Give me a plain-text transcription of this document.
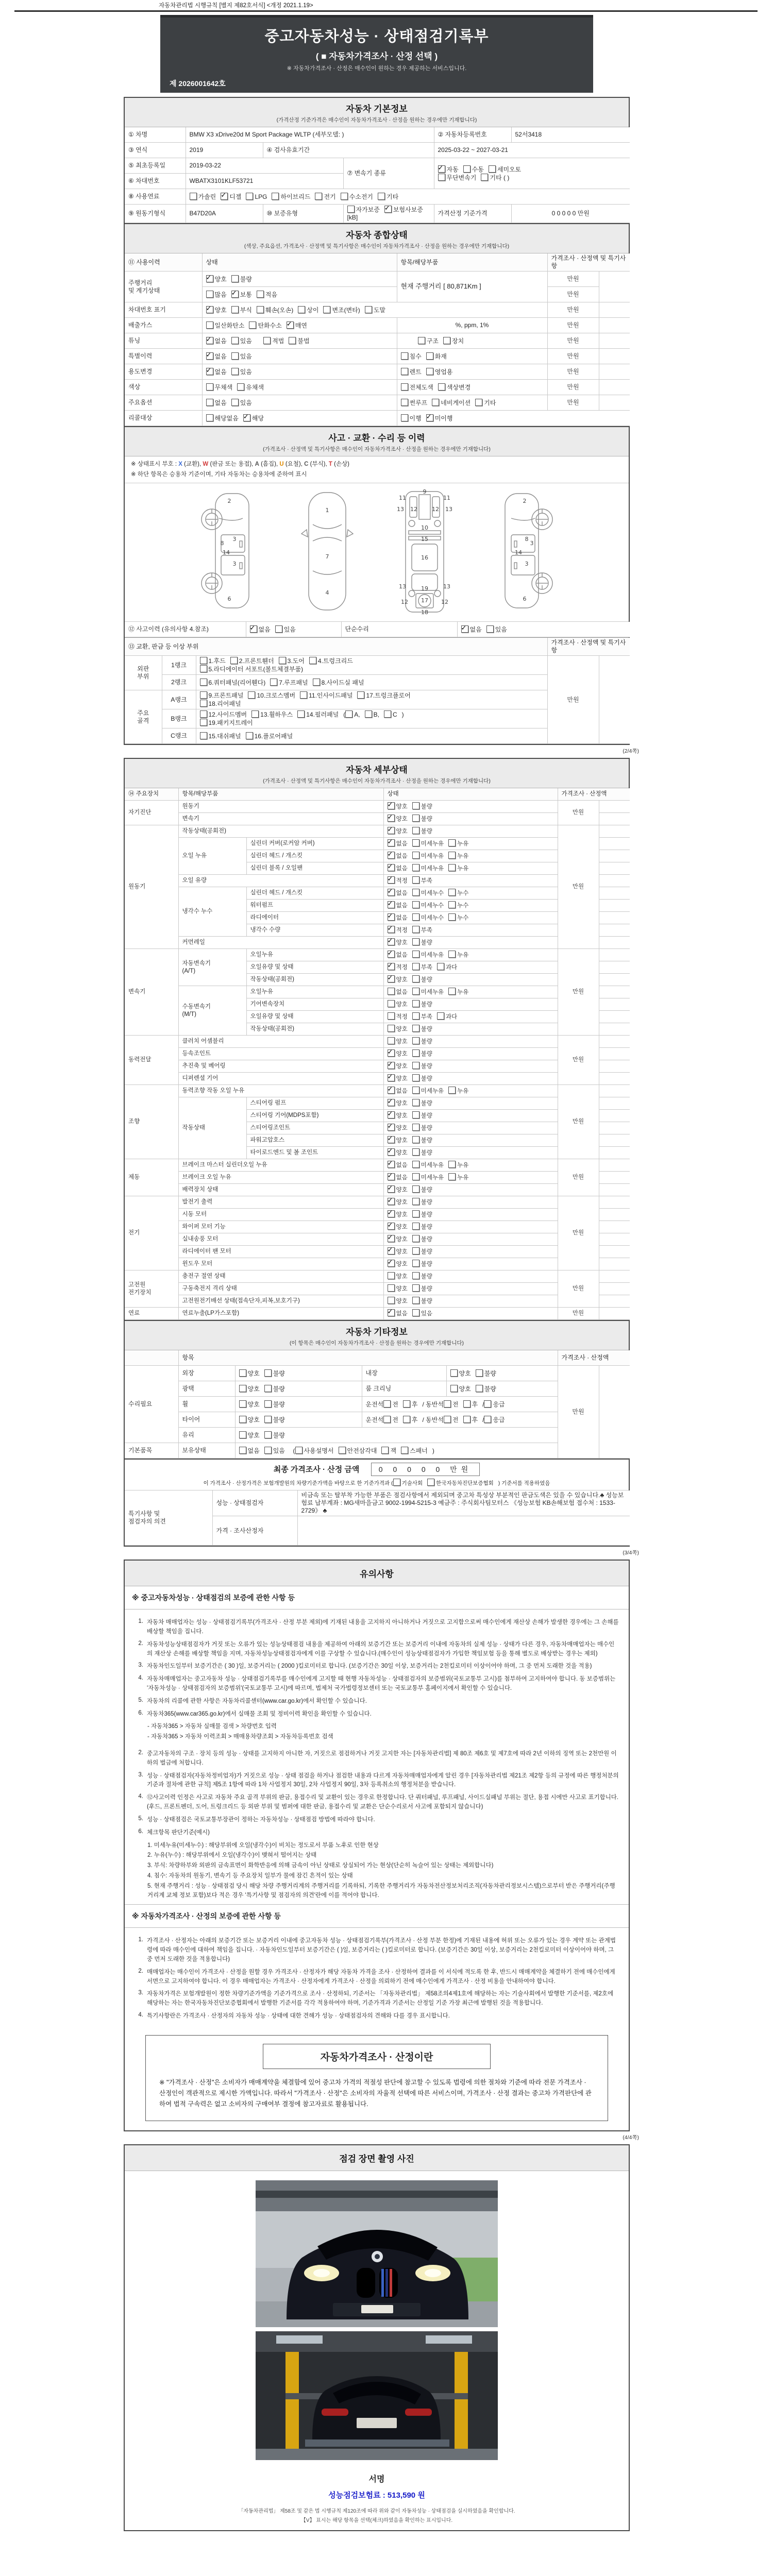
자동차관리법 시행규칙 [별지 제82호서식] <개정 2021.1.19>
중고자동차성능 · 상태점검기록부
( ■ 자동차가격조사 · 산정 선택 )
※ 자동차가격조사 · 산정은 매수인이 원하는 경우 제공하는 서비스입니다.
제 2026001642호
자동차 기본정보
(가격산정 기준가격은 매수인이 자동차가격조사 · 산정을 원하는 경우에만 기재합니다)
① 차명	BMW X3 xDrive20d M Sport Package WLTP (세부모델: )			② 자동차등록번호	52서3418
③ 연식	2019	④ 검사유효기간		2025-03-22 ~ 2027-03-21	
⑤ 최초등록일	2019-03-22		⑦ 변속기 종류	✓자동 수동 세미오토
무단변속기 기타 ( )
⑥ 차대번호	WBATX3101KLF53721				
⑧ 사용연료	가솔린 ✓ 디젤 LPG 하이브리드 전기 수소전기 기타
⑨ 원동기형식	B47D20A	⑩ 보증유형	자가보증 ✓ 보험사보증[kB]	가격산정 기준가격	0 0 0 0 0 만원
자동차 종합상태
(색상, 주요옵션, 가격조사 · 산정액 및 특기사항은 매수인이 자동차가격조사 · 산정을 원하는 경우에만 기재합니다)
⑪ 사용이력	상태	항목/해당부품	가격조사 · 산정액 및 특기사항	
주행거리
및 계기상태	✓양호 불량	현재 주행거리 [ 80,871Km ]	만원	
	많음 ✓ 보통 적음		만원	
차대번호 표기	✓양호 부식 훼손(오손) 상이 변조(변타) 도말		만원	
배출가스	일산화탄소 탄화수소 ✓ 매연	%, ppm, 1%	만원	
튜닝	✓없음 있음 적법 불법	구조 장치	만원	
특별이력	✓없음 있음	침수 화재	만원	
용도변경	✓없음 있음	렌트 영업용	만원	
색상	무채색 유채색	전체도색 색상변경	만원	
주요옵션	없음 있음	썬루프 네비게이션 기타	만원	
리콜대상	해당없음 ✓ 해당	이행 ✓ 미이행
사고 · 교환 · 수리 등 이력
(가격조사 · 산정액 및 특기사항은 매수인이 자동차가격조사 · 산정을 원하는 경우에만 기재합니다)
※ 상태표시 부호 : X (교환), W (판금 또는 용접), A (흠집), U (요철), C (부식), T (손상)
※ 하단 항목은 승용차 기준이며, 기타 자동차는 승용차에 준하여 표시
2
8
3
14
3
6
1
7
4
11
9
11
13 12	12 13
10
15
16
13	19	13
12 17 12
18
2
3
8
14
3
6
⑫ 사고이력 (유의사항 4.참조)	✓없음 있음	단순수리	✓없음 있음
⑬ 교환, 판금 등 이상 부위			가격조사 · 산정액 및 특기사항	
외판
부위	1랭크	1.후드 2.프론트휀더 3.도어 4.트렁크리드
5.라디에이터 서포트(볼트체결부품)	만원	
	2랭크	6.쿼터패널(리어휀다) 7.루프패널 8.사이드실 패널		
주요
골격	A랭크	9.프론트패널 10.크로스멤버 11.인사이드패널 17.트렁크플로어
18.리어패널		
	B랭크	12.사이드멤버 13.휠하우스 14.필러패널 ( A, B, C )
19.패키지트레이		
	C랭크	15.대쉬패널 16.플로어패널		
(2/4쪽)
자동차 세부상태
(가격조사 · 산정액 및 특기사항은 매수인이 자동차가격조사 · 산정을 원하는 경우에만 기재합니다)
⑭ 주요장치	항목/해당부품		상태	가격조사 · 산정액	
자기진단	원동기	✓양호 불량	만원	
	변속기	✓양호 불량	
원동기	작동상태(공회전)	✓양호 불량	만원	
	오일 누유	실린더 커버(로커암 커버)	✓없음 미세누유 누유	
		실린더 헤드 / 개스킷	✓없음 미세누유 누유	
		실린더 블록 / 오일팬	✓없음 미세누유 누유	
	오일 유량	✓적정 부족	
	냉각수 누수	실린더 헤드 / 개스킷	✓없음 미세누수 누수	
		워터펌프	✓없음 미세누수 누수	
		라디에이터	✓없음 미세누수 누수	
		냉각수 수량	✓적정 부족	
	커먼레일	✓양호 불량	
변속기	자동변속기
(A/T)	오일누유	✓없음 미세누유 누유	만원	
		오일유량 및 상태	✓적정 부족 과다	
		작동상태(공회전)	✓양호 불량	
	수동변속기
(M/T)	오일누유	없음 미세누유 누유		
		기어변속장치	양호 불량		
		오일유량 및 상태	적정 부족 과다		
		작동상태(공회전)	양호 불량		
동력전달	클러치 어셈블리		양호 불량	만원	
	등속조인트	✓양호 불량	
	추진축 및 베어링	✓양호 불량	
	디퍼렌셜 기어	✓양호 불량	
조향	동력조향 작동 오일 누유	✓없음 미세누유 누유	만원	
	작동상태	스티어링 펌프	✓양호 불량	
		스티어링 기어(MDPS포함)	✓양호 불량	
		스티어링조인트	✓양호 불량	
		파워고압호스	✓양호 불량	
		타이로드엔드 및 볼 조인트	✓양호 불량	
제동	브레이크 마스터 실린더오일 누유	✓없음 미세누유 누유	만원	
	브레이크 오일 누유	✓없음 미세누유 누유	
	배력장치 상태	✓양호 불량	
전기	발전기 출력	✓양호 불량	만원	
	시동 모터	✓양호 불량	
	와이퍼 모터 기능	✓양호 불량	
	실내송풍 모터	✓양호 불량	
	라디에이터 팬 모터	✓양호 불량	
	윈도우 모터	✓양호 불량	
고전원
전기장치	충전구 절연 상태		양호 불량	만원	
	구동축전지 격리 상태		양호 불량		
	고전원전기배선 상태(접속단자,피복,보호기구)		양호 불량		
연료	연료누출(LP가스포함)	✓없음 있음	만원	
자동차 기타정보
(이 항목은 매수인이 자동차가격조사 · 산정을 원하는 경우에만 기재합니다)
	항목				가격조사 · 산정액	
수리필요	외장	양호 불량	내장	양호 불량	만원	
	광택	양호 불량	룸 크리닝	양호 불량		
	휠	양호 불량	운전석 전 후 / 동반석 전 후 / 응급			
	타이어	양호 불량	운전석 전 후 / 동반석 전 후 / 응급			
	유리	양호 불량				
기본품목	보유상태	없음 있음  ( 사용설명서 안전삼각대 잭 스패너 )				
최종 가격조사 · 산정 금액	0 0 0 0 0 만원
이 가격조사 · 산정가격은 보험개발원의 차량기준가액을 바탕으로 한 기준가격과 ( 기술사회 한국자동차진단보증협회 ) 기준서를 적용하였음
특기사항 및
점검자의 의견	성능 · 상태점검자	비금속 또는 탈부착 가능한 부품은 점검사항에서 제외되며 중고차 특성상 부분적인 판금도색은 있을 수 있습니다.♣ 성능보험료 납부계좌 : MG새마을금고 9002-1994-5215-3 예금주 : 주식회사팀모터스 《성능보험 KB손해보험 접수처 : 1533-2729》 ♣
	가격 · 조사산정자	
(3/4쪽)
유의사항
※ 중고자동차성능 · 상태점검의 보증에 관한 사항 등
1. 자동차 매매업자는 성능 · 상태점검기록부(가격조사 · 산정 부분 제외)에 기재된 내용을 고지하지 아니하거나 거짓으로 고지함으로써 매수인에게 재산상 손해가 발생한 경우에는 그 손해를 배상할 책임을 집니다.
2. 자동차성능상태점검자가 거짓 또는 오류가 있는 성능상태점검 내용을 제공하여 아래의 보증기간 또는 보증거리 이내에 자동차의 실제 성능 · 상태가 다른 경우, 자동차매매업자는 매수인의 재산상 손해를 배상할 책임을 지며, 자동차성능상태점검자에게 이를 구상할 수 있습니다.(매수인이 성능상태점검자가 가입한 책임보험 등을 통해 별도로 배상받는 경우는 제외)
3. 자동차인도일부터 보증기간은 ( 30 )일, 보증거리는 ( 2000 )킬로미터로 합니다. (보증기간은 30일 이상, 보증거리는 2천킬로미터 이상이어야 하며, 그 중 먼저 도래한 것을 적용)
4. 자동차매매업자는 중고자동차 성능 · 상태점검기록부를 매수인에게 고지할 때 현행 자동차성능 · 상태점검자의 보증범위(국토교통부 고시)를 첨부하여 고지하여야 합니다. 동 보증범위는 '자동차성능 · 상태점검자의 보증범위'(국토교통부 고시)에 따르며, 법제처 국가법령정보센터 또는 국토교통부 홈페이지에서 확인할 수 있습니다.
5. 자동차의 리콜에 관한 사항은 자동차리콜센터(www.car.go.kr)에서 확인할 수 있습니다.
6. 자동차365(www.car365.go.kr)에서 실매물 조회 및 정비이력 확인을 확인할 수 있습니다.
- 자동차365 > 자동차 실매물 검색 > 차량번호 입력
- 자동차365 > 자동차 이력조회 > 매매용차량조회 > 자동차등록번호 검색
2. 중고자동차의 구조 · 장치 등의 성능 · 상태를 고지하지 아니한 자, 거짓으로 점검하거나 거짓 고지한 자는 [자동차관리법] 제 80조 제6호 및 제7호에 따라 2년 이하의 징역 또는 2천만원 이하의 벌금에 처합니다.
3. 성능 · 상태점검자(자동차정비업자)가 거짓으로 성능 · 상태 점검을 하거나 점검한 내용과 다르게 자동차매매업자에게 알린 경우 [자동차관리법 제21조 제2항 등의 규정에 따른 행정처분의 기준과 절차에 관한 규칙] 제5조 1항에 따라 1차 사업정지 30일, 2차 사업정지 90일, 3차 등록취소의 행정처분을 받습니다.
4. ⑫사고이력 인정은 사고로 자동차 주요 골격 부위의 판금, 용접수리 및 교환이 있는 경우로 한정합니다. 단 쿼터패널, 루프패널, 사이드실패널 부위는 절단, 용접 시에만 사고로 표기합니다. (후드, 프론트펜더, 도어, 트렁크리드 등 외판 부위 및 범퍼에 대한 판금, 용접수리 및 교환은 단순수리로서 사고에 포함되지 않습니다)
5. 성능 · 상태점검은 국토교통부장관이 정하는 자동차성능 · 상태점검 방법에 따라야 합니다.
6. 체크항목 판단기준(예시)
1. 미세누유(미세누수) : 해당부위에 오일(냉각수)이 비치는 정도로서 부품 노후로 인한 현상
2. 누유(누수) : 해당부위에서 오일(냉각수)이 맺혀서 떨어지는 상태
3. 부식: 차량하부와 외판의 금속표면이 화학반응에 의해 금속이 아닌 상태로 상실되어 가는 현상(단순히 녹슬어 있는 상태는 제외합니다)
4. 침수: 자동차의 원동기, 변속기 등 주요장치 일부가 물에 잠긴 흔적이 있는 상태
5. 현재 주행거리 : 성능 · 상태점검 당시 해당 차량 주행거리계의 주행거리를 기록하되, 기록한 주행거리가 자동차전산정보처리조직(자동차관리정보시스템)으로부터 받은 주행거리(주행거리계 교체 정보 포함)보다 적은 경우 '특기사항 및 점검자의 의견'란에 이를 적어야 합니다.
※ 자동차가격조사 · 산정의 보증에 관한 사항 등
1. 가격조사 · 산정자는 아래의 보증기간 또는 보증거리 이내에 중고자동차 성능 · 상태점검기록부(가격조사 · 산정 부분 한정)에 기재된 내용에 허위 또는 오류가 있는 경우 계약 또는 관계법령에 따라 매수인에 대하여 책임을 집니다. · 자동차인도일부터 보증기간은 ( )일, 보증거리는 ( )킬로미터로 합니다. (보증기간은 30일 이상, 보증거리는 2천킬로미터 이상이어야 하며, 그 중 먼저 도래한 것을 적용합니다)
2. 매매업자는 매수인이 가격조사 · 산정을 원할 경우 가격조사 · 산정자가 해당 자동차 가격을 조사 · 산정하여 결과를 이 서식에 적도록 한 후, 반드시 매매계약을 체결하기 전에 매수인에게 서면으로 고지하여야 합니다. 이 경우 매매업자는 가격조사 · 산정자에게 가격조사 · 산정을 의뢰하기 전에 매수인에게 가격조사 · 산정 비용을 안내하여야 합니다.
3. 자동차가격은 보험개발원이 정한 차량기준가액을 기준가격으로 조사 · 산정하되, 기준서는 「자동차관리법」 제58조의4제1호에 해당하는 자는 기술사회에서 발행한 기준서를, 제2호에 해당하는 자는 한국자동차진단보증협회에서 발행한 기준서를 각각 적용하여야 하며, 기준가격과 기준서는 산정일 기준 가장 최근에 발행된 것을 적용합니다.
4. 특기사항란은 가격조사 · 산정자의 자동차 성능 · 상태에 대한 견해가 성능 · 상태점검자의 견해와 다를 경우 표시합니다.
자동차가격조사 · 산정이란
※ "가격조사 · 산정"은 소비자가 매매계약을 체결함에 있어 중고차 가격의 적절성 판단에 참고할 수 있도록 법령에 의한 절차와 기준에 따라 전문 가격조사 · 산정인이 객관적으로 제시한 가액입니다. 따라서 "가격조사 · 산정"은 소비자의 자율적 선택에 따른 서비스이며, 가격조사 · 산정 결과는 중고차 가격판단에 관하여 법적 구속력은 없고 소비자의 구매여부 결정에 참고자료로 활용됩니다.
(4/4쪽)
점검 장면 촬영 사진
서명
성능점검보험료 : 513,590 원
「자동차관리법」 제58조 및 같은 법 시행규칙 제120조에 따라 위와 같이 자동차성능 · 상태점검을 실시하였음을 확인합니다.
【V】 표시는 해당 항목을 선택(체크)하였음을 확인하는 표시입니다.
